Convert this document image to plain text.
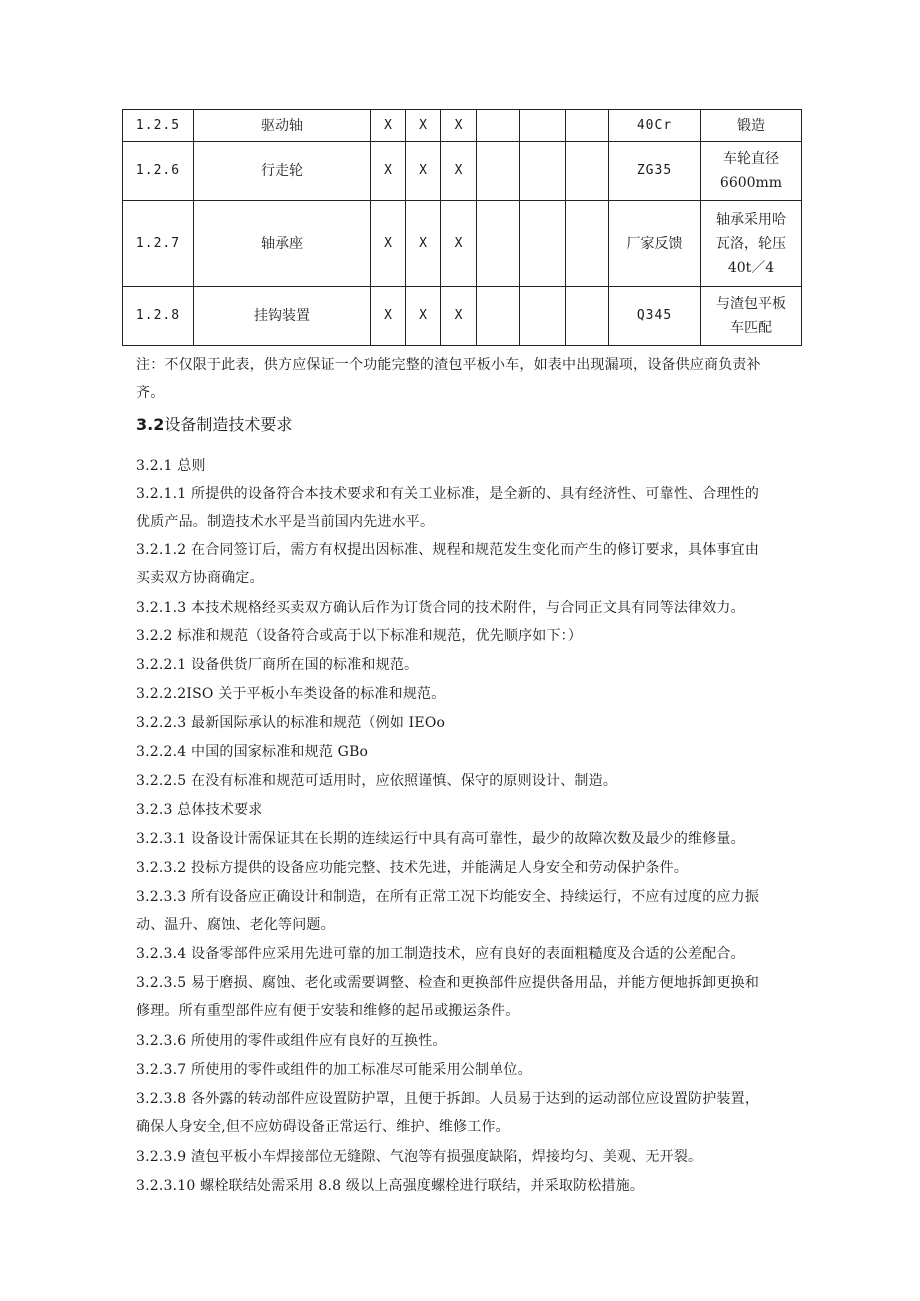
1.2.5	驱动轴	X	X	X				40Cr	锻造
1.2.6	行走轮	X	X	X				ZG35	车轮直径
6600mm
1.2.7	轴承座	X	X	X				厂家反馈	轴承采用哈
瓦洛，轮压
40t／4
1.2.8	挂钩装置	X	X	X				Q345	与渣包平板
车匹配
注：不仅限于此表，供方应保证一个功能完整的渣包平板小车，如表中出现漏项，设备供应商负责补
齐。
3.2设备制造技术要求
3.2.1 总则
3.2.1.1 所提供的设备符合本技术要求和有关工业标准，是全新的、具有经济性、可靠性、合理性的
优质产品。制造技术水平是当前国内先进水平。
3.2.1.2 在合同签订后，需方有权提出因标准、规程和规范发生变化而产生的修订要求，具体事宜由
买卖双方协商确定。
3.2.1.3 本技术规格经买卖双方确认后作为订货合同的技术附件，与合同正文具有同等法律效力。
3.2.2 标准和规范（设备符合或高于以下标准和规范，优先顺序如下：）
3.2.2.1 设备供货厂商所在国的标准和规范。
3.2.2.2ISO 关于平板小车类设备的标准和规范。
3.2.2.3 最新国际承认的标准和规范（例如 IEOo
3.2.2.4 中国的国家标准和规范 GBo
3.2.2.5 在没有标准和规范可适用时，应依照谨慎、保守的原则设计、制造。
3.2.3 总体技术要求
3.2.3.1 设备设计需保证其在长期的连续运行中具有高可靠性，最少的故障次数及最少的维修量。
3.2.3.2 投标方提供的设备应功能完整、技术先进，并能满足人身安全和劳动保护条件。
3.2.3.3 所有设备应正确设计和制造，在所有正常工况下均能安全、持续运行，不应有过度的应力振
动、温升、腐蚀、老化等问题。
3.2.3.4 设备零部件应采用先进可靠的加工制造技术，应有良好的表面粗糙度及合适的公差配合。
3.2.3.5 易于磨损、腐蚀、老化或需要调整、检查和更换部件应提供备用品，并能方便地拆卸更换和
修理。所有重型部件应有便于安装和维修的起吊或搬运条件。
3.2.3.6 所使用的零件或组件应有良好的互换性。
3.2.3.7 所使用的零件或组件的加工标准尽可能采用公制单位。
3.2.3.8 各外露的转动部件应设置防护罩，且便于拆卸。人员易于达到的运动部位应设置防护装置，
确保人身安全,但不应妨碍设备正常运行、维护、维修工作。
3.2.3.9 渣包平板小车焊接部位无缝隙、气泡等有损强度缺陷，焊接均匀、美观、无开裂。
3.2.3.10 螺栓联结处需采用 8.8 级以上高强度螺栓进行联结，并采取防松措施。
